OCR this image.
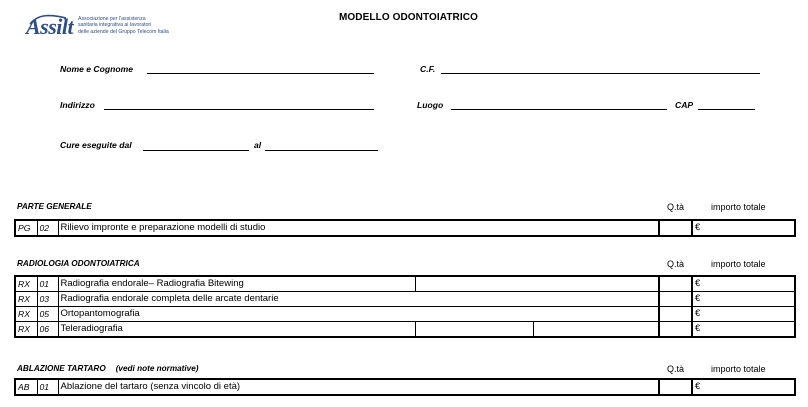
Assilt Associazione per l'assistenza
sanitaria integrativa ai lavoratori
delle aziende del Gruppo Telecom Italia
MODELLO ODONTOIATRICO
Nome e Cognome	C.F.
Indirizzo	Luogo	CAP
Cure eseguite dal	al
PARTE GENERALE	Q.tà	importo totale
PG	02	Rilievo impronte e preparazione modelli di studio		€
RADIOLOGIA ODONTOIATRICA	Q.tà	importo totale
RX	01	Radiografia endorale– Radiografia Bitewing				€
RX	03	Radiografia endorale completa delle arcate dentarie				€
RX	05	Ortopantomografia				€
RX	06	Teleradiografia				€
ABLAZIONE TARTARO (vedi note normative)	Q.tà	importo totale
AB	01	Ablazione del tartaro (senza vincolo di età)		€
